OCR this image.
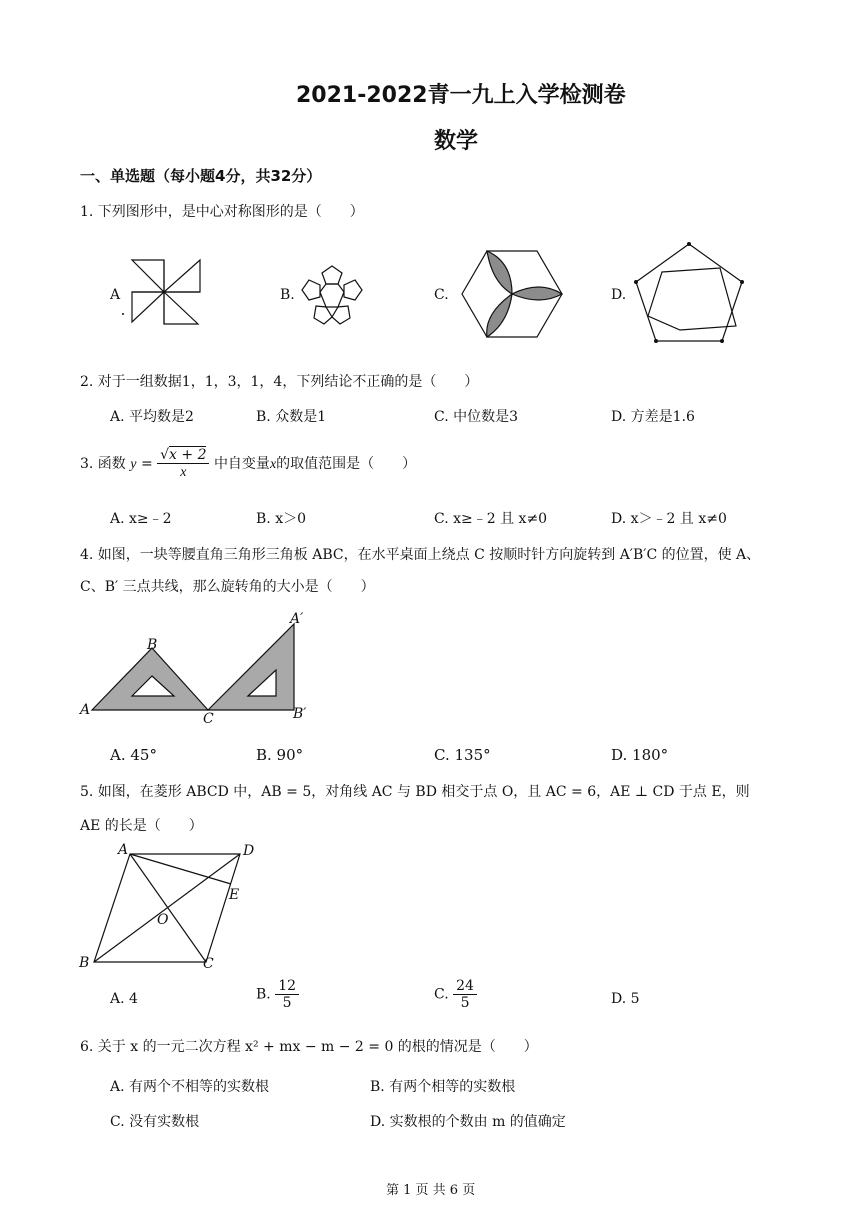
2021-2022青一九上入学检测卷
数学
一、单选题（每小题4分，共32分）
1. 下列图形中，是中心对称图形的是（　　）
A	B.	C.	D.
2. 对于一组数据1，1，3，1，4，下列结论不正确的是（　　）
A. 平均数是2	B. 众数是1	C. 中位数是3	D. 方差是1.6
3. 函数 $y = \frac{√x + 2}{x}$ 中自变量x的取值范围是（　　）
A. x≥﹣2	B. x＞0	C. x≥﹣2 且 x≠0	D. x＞﹣2 且 x≠0
4. 如图，一块等腰直角三角形三角板 ABC，在水平桌面上绕点 C 按顺时针方向旋转到 A′B′C 的位置，使 A、
C、B′ 三点共线，那么旋转角的大小是（　　）
A
B
C
A′
B′
A. 45°	B. 90°	C. 135°	D. 180°
5. 如图，在菱形 ABCD 中，AB = 5，对角线 AC 与 BD 相交于点 O，且 AC = 6，AE ⊥ CD 于点 E，则
AE 的长是（　　）
A	D
E
O
B	C
A. 4	B. $\frac{12}{5}$	C. $\frac{24}{5}$	D. 5
6. 关于 x 的一元二次方程 x² + mx − m − 2 = 0 的根的情况是（　　）
A. 有两个不相等的实数根	B. 有两个相等的实数根
C. 没有实数根	D. 实数根的个数由 m 的值确定
第 1 页 共 6 页
